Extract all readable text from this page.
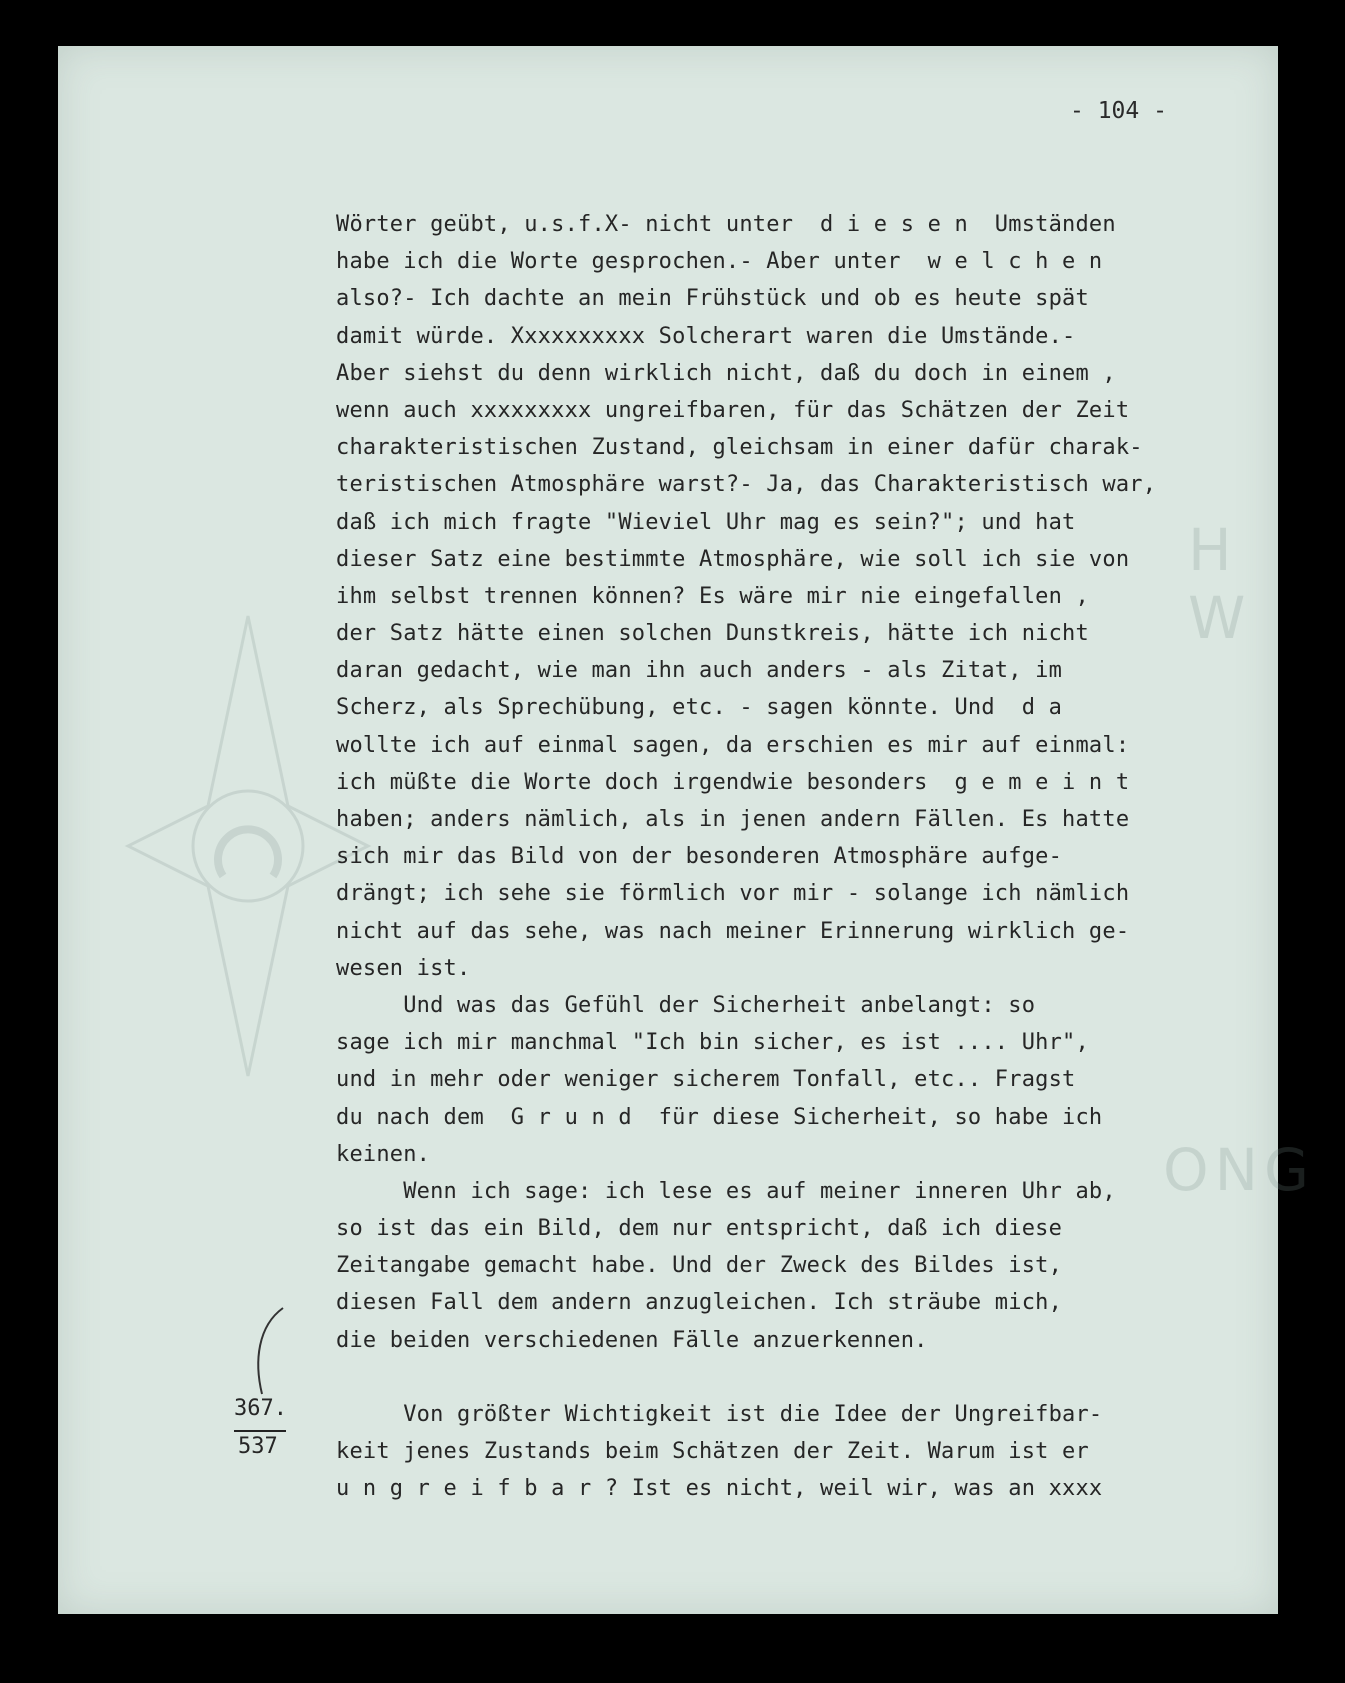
H W
ONG
- 104 -
Wörter geübt, u.s.f.X- nicht unter  d i e s e n  Umständen
habe ich die Worte gesprochen.- Aber unter  w e l c h e n
also?- Ich dachte an mein Frühstück und ob es heute spät
damit würde. Xxxxxxxxxx Solcherart waren die Umstände.-
Aber siehst du denn wirklich nicht, daß du doch in einem ,
wenn auch xxxxxxxxx ungreifbaren, für das Schätzen der Zeit
charakteristischen Zustand, gleichsam in einer dafür charak-
teristischen Atmosphäre warst?- Ja, das Charakteristisch war,
daß ich mich fragte "Wieviel Uhr mag es sein?"; und hat
dieser Satz eine bestimmte Atmosphäre, wie soll ich sie von
ihm selbst trennen können? Es wäre mir nie eingefallen ,
der Satz hätte einen solchen Dunstkreis, hätte ich nicht
daran gedacht, wie man ihn auch anders - als Zitat, im
Scherz, als Sprechübung, etc. - sagen könnte. Und  d a
wollte ich auf einmal sagen, da erschien es mir auf einmal:
ich müßte die Worte doch irgendwie besonders  g e m e i n t
haben; anders nämlich, als in jenen andern Fällen. Es hatte
sich mir das Bild von der besonderen Atmosphäre aufge-
drängt; ich sehe sie förmlich vor mir - solange ich nämlich
nicht auf das sehe, was nach meiner Erinnerung wirklich ge-
wesen ist.
Und was das Gefühl der Sicherheit anbelangt: so
sage ich mir manchmal "Ich bin sicher, es ist .... Uhr",
und in mehr oder weniger sicherem Tonfall, etc.. Fragst
du nach dem  G r u n d  für diese Sicherheit, so habe ich
keinen.
Wenn ich sage: ich lese es auf meiner inneren Uhr ab,
so ist das ein Bild, dem nur entspricht, daß ich diese
Zeitangabe gemacht habe. Und der Zweck des Bildes ist,
diesen Fall dem andern anzugleichen. Ich sträube mich,
die beiden verschiedenen Fälle anzuerkennen.
Von größter Wichtigkeit ist die Idee der Ungreifbar-
keit jenes Zustands beim Schätzen der Zeit. Warum ist er
u n g r e i f b a r ? Ist es nicht, weil wir, was an xxxx
367.
537
